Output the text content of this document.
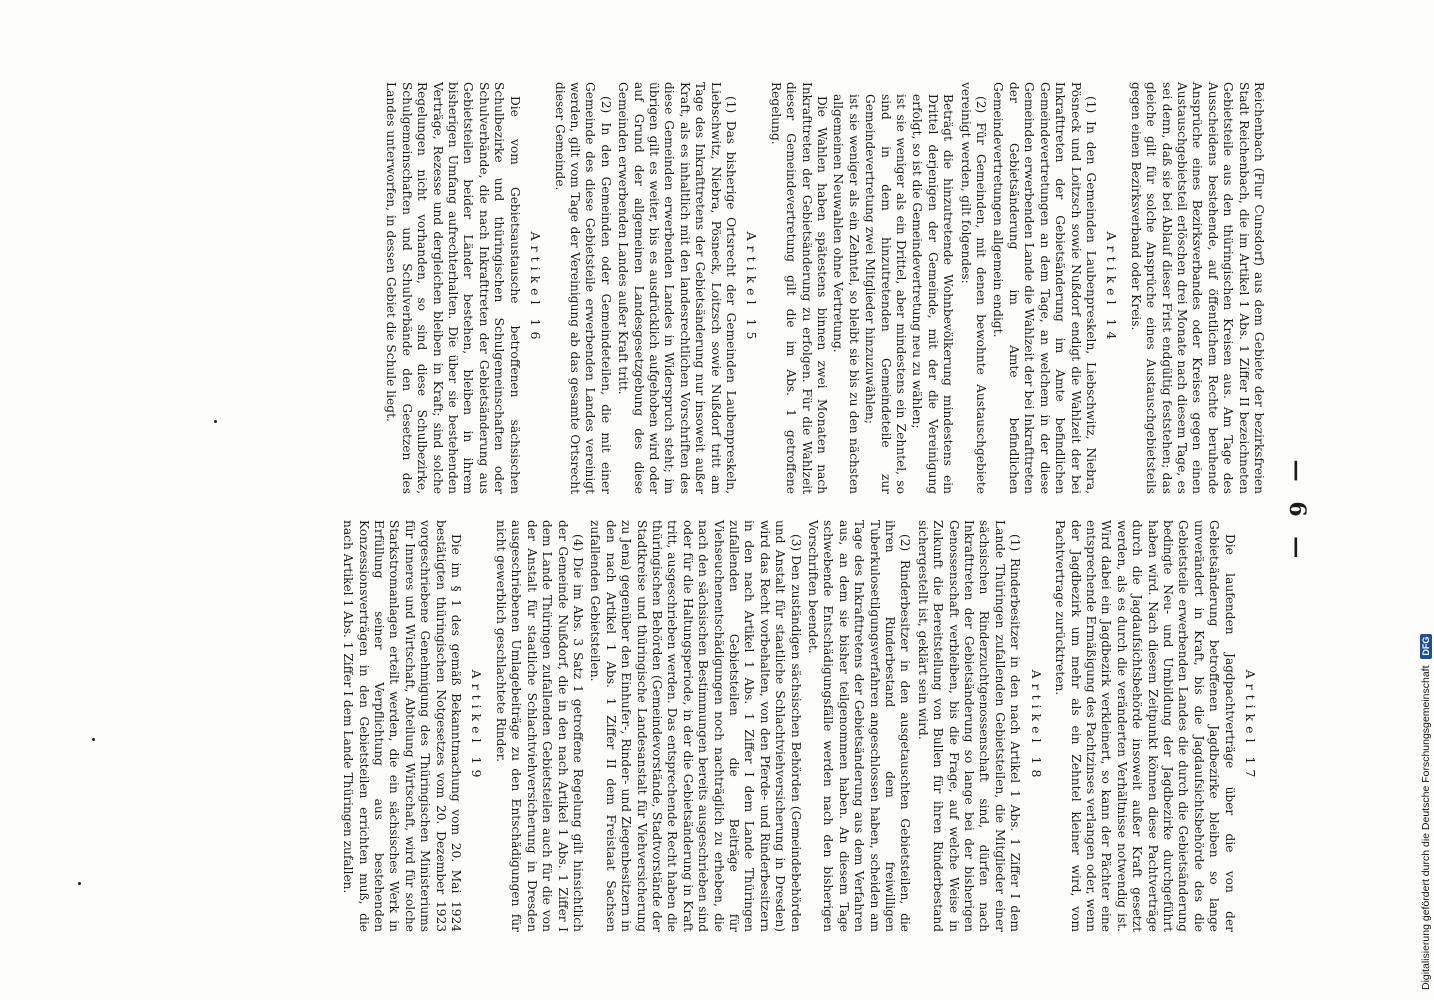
— 6 —

Reichenbach (Flur Cunsdorf) aus dem Gebiete der bezirksfreien Stadt Reichenbach, die im Artikel 1 Abs. 1 Ziffer II bezeichneten Gebietsteile aus den thüringischen Kreisen aus. Am Tage des Ausscheidens bestehende, auf öffentlichem Rechte beruhende Ansprüche eines Bezirksverbandes oder Kreises gegen einen Austauschgebietsteil erlöschen drei Monate nach diesem Tage, es sei denn, daß sie bei Ablauf dieser Frist endgültig feststehen; das gleiche gilt für solche Ansprüche eines Austauschgebietsteils gegen einen Bezirksverband oder Kreis.

Artikel 14

(1) In den Gemeinden Laubenpreskeln, Liebschwitz, Niebra, Pösneck und Loitzsch sowie Nußdorf endigt die Wahlzeit der bei Inkrafttreten der Gebietsänderung im Amte befindlichen Gemeindevertretungen an dem Tage, an welchem in der diese Gemeinden erwerbenden Lande die Wahlzeit der bei Inkrafttreten der Gebietsänderung im Amte befindlichen Gemeindevertretungen allgemein endigt.

(2) Für Gemeinden, mit denen bewohnte Austauschgebiete vereinigt werden, gilt folgendes:

Beträgt die hinzutretende Wohnbevölkerung mindestens ein Drittel derjenigen der Gemeinde, mit der die Vereinigung erfolgt, so ist die Gemeindevertretung neu zu wählen;
ist sie weniger als ein Drittel, aber mindestens ein Zehntel, so sind in dem hinzutretenden Gemeindeteile zur Gemeindevertretung zwei Mitglieder hinzuzuwählen;
ist sie weniger als ein Zehntel, so bleibt sie bis zu den nächsten allgemeinen Neuwahlen ohne Vertretung.

Die Wahlen haben spätestens binnen zwei Monaten nach Inkrafttreten der Gebietsänderung zu erfolgen. Für die Wahlzeit dieser Gemeindevertretung gilt die im Abs. 1 getroffene Regelung.

Artikel 15

(1) Das bisherige Ortsrecht der Gemeinden Laubenpreskeln, Liebschwitz, Niebra, Pösneck, Loitzsch sowie Nußdorf tritt am Tage des Inkrafttretens der Gebietsänderung nur insoweit außer Kraft, als es inhaltlich mit den landesrechtlichen Vorschriften des diese Gemeinden erwerbenden Landes in Widerspruch steht; im übrigen gilt es weiter, bis es ausdrücklich aufgehoben wird oder auf Grund der allgemeinen Landesgesetzgebung des diese Gemeinden erwerbenden Landes außer Kraft tritt.

(2) In den Gemeinden oder Gemeindeteilen, die mit einer Gemeinde des diese Gebietsteile erwerbenden Landes vereinigt werden, gilt vom Tage der Vereinigung ab das gesamte Ortsrecht dieser Gemeinde.

Artikel 16

Die vom Gebietsaustausche betroffenen sächsischen Schulbezirke und thüringischen Schulgemeinschaften oder Schulverbände, die nach Inkrafttreten der Gebietsänderung aus Gebietsteilen beider Länder bestehen, bleiben in ihrem bisherigen Umfang aufrechterhalten. Die über sie bestehenden Verträge, Rezesse und dergleichen bleiben in Kraft; sind solche Regelungen nicht vorhanden, so sind diese Schulbezirke, Schulgemeinschaften und Schulverbände den Gesetzen des Landes unterworfen, in dessen Gebiet die Schule liegt.

Artikel 17

Die laufenden Jagdpachtverträge über die von der Gebietsänderung betroffenen Jagdbezirke bleiben so lange unverändert in Kraft, bis die Jagdaufsichtsbehörde des die Gebietsteile erwerbenden Landes die durch die Gebietsänderung bedingte Neu- und Umbildung der Jagdbezirke durchgeführt haben wird. Nach diesem Zeitpunkt können diese Pachtverträge durch die Jagdaufsichtsbehörde insoweit außer Kraft gesetzt werden, als es durch die veränderten Verhältnisse notwendig ist. Wird dabei ein Jagdbezirk verkleinert, so kann der Pächter eine entsprechende Ermäßigung des Pachtzinses verlangen oder, wenn der Jagdbezirk um mehr als ein Zehntel kleiner wird, vom Pachtvertrage zurücktreten.

Artikel 18

(1) Rinderbesitzer in den nach Artikel 1 Abs. 1 Ziffer I dem Lande Thüringen zufallenden Gebietsteilen, die Mitglieder einer sächsischen Rinderzuchtgenossenschaft sind, dürfen nach Inkrafttreten der Gebietsänderung so lange bei der bisherigen Genossenschaft verbleiben, bis die Frage, auf welche Weise in Zukunft die Bereitstellung von Bullen für ihren Rinderbestand sichergestellt ist, geklärt sein wird.

(2) Rinderbesitzer in den ausgetauschten Gebietsteilen, die ihren Rinderbestand dem freiwilligen Tuberkulosetilgungsverfahren angeschlossen haben, scheiden am Tage des Inkrafttretens der Gebietsänderung aus dem Verfahren aus, an dem sie bisher teilgenommen haben. An diesem Tage schwebende Entschädigungsfälle werden nach den bisherigen Vorschriften beendet.

(3) Den zuständigen sächsischen Behörden (Gemeindebehörden und Anstalt für staatliche Schlachtviehversicherung in Dresden) wird das Recht vorbehalten, von den Pferde- und Rinderbesitzern in den nach Artikel 1 Abs. 1 Ziffer I dem Lande Thüringen zufallenden Gebietsteilen die Beiträge für Viehseuchenentschädigungen noch nachträglich zu erheben, die nach den sächsischen Bestimmungen bereits ausgeschrieben sind oder für die Haltungsperiode, in der die Gebietsänderung in Kraft tritt, ausgeschrieben werden. Das entsprechende Recht haben die thüringischen Behörden (Gemeindevorstände, Stadtvorstände der Stadtkreise und thüringische Landesanstalt für Viehversicherung zu Jena) gegenüber den Einhufer-, Rinder- und Ziegenbesitzern in den nach Artikel 1 Abs. 1 Ziffer II dem Freistaat Sachsen zufallenden Gebietsteilen.

(4) Die im Abs. 3 Satz 1 getroffene Regelung gilt hinsichtlich der Gemeinde Nußdorf, die in den nach Artikel 1 Abs. 1 Ziffer I dem Lande Thüringen zufallenden Gebietsteilen auch für die von der Anstalt für staatliche Schlachtviehversicherung in Dresden ausgeschriebenen Umlagebeiträge zu den Entschädigungen für nicht gewerblich geschlachtete Rinder.

Artikel 19

Die im § 1 des gemäß Bekanntmachung vom 20. Mai 1924 bestätigten thüringischen Notgesetzes vom 20. Dezember 1923 vorgeschriebene Genehmigung des Thüringischen Ministeriums für Inneres und Wirtschaft, Abteilung Wirtschaft, wird für solche Starkstromanlagen erteilt werden, die ein sächsisches Werk in Erfüllung seiner Verpflichtung aus bestehenden Konzessionsverträgen in den Gebietsteilen errichten muß, die nach Artikel 1 Abs. 1 Ziffer I dem Lande Thüringen zufallen.	Digitalisierung gefördert durch die Deutsche Forschungsgemeinschaft DFG
